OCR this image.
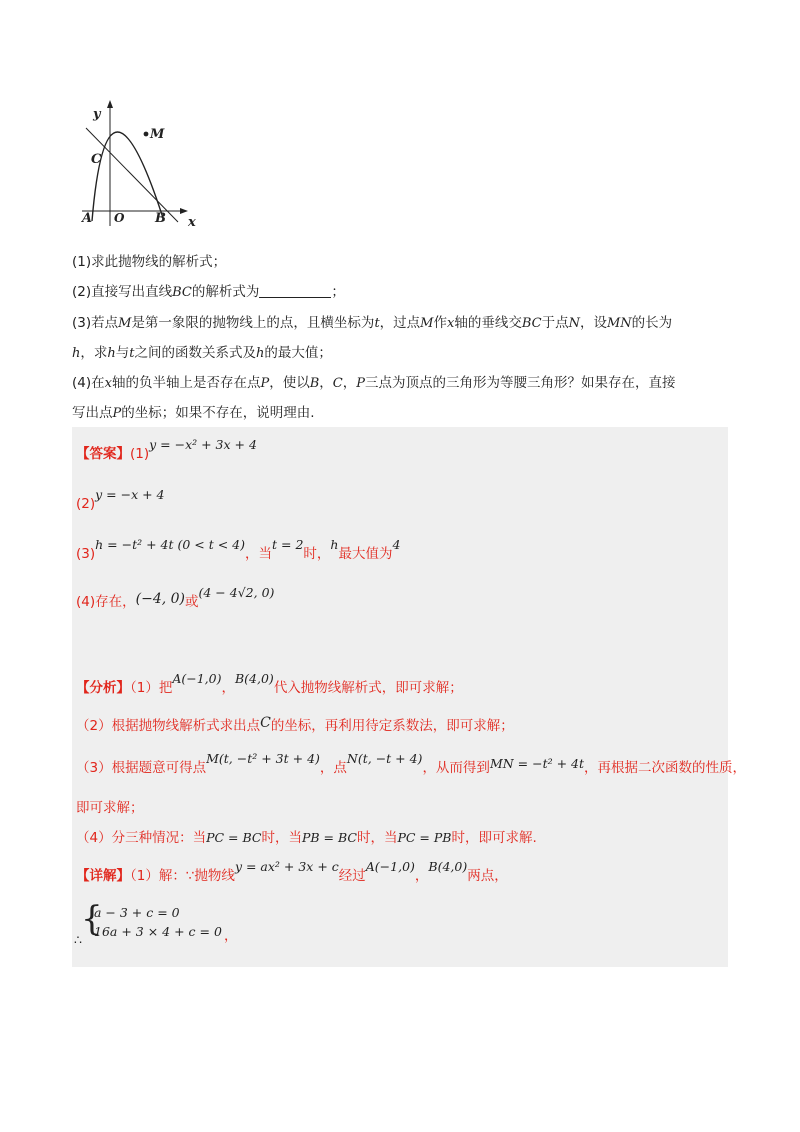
y
M
C
A O B x
(1)求此抛物线的解析式；
(2)直接写出直线BC的解析式为	；
(3)若点M是第一象限的抛物线上的点，且横坐标为t，过点M作x轴的垂线交BC于点N，设MN的长为
h，求h与t之间的函数关系式及h的最大值；
(4)在x轴的负半轴上是否存在点P，使以B，C，P三点为顶点的三角形为等腰三角形？如果存在，直接
写出点P的坐标；如果不存在，说明理由.
【答案】(1)y = −x² + 3x + 4
(2)y = −x + 4
(3)h = −t² + 4t (0 < t < 4)，当t = 2时，h最大值为4
(4)存在，(−4, 0)或(4 − 4√2, 0)
【分析】（1）把A(−1,0)，B(4,0)代入抛物线解析式，即可求解；
（2）根据抛物线解析式求出点C的坐标，再利用待定系数法，即可求解；
（3）根据题意可得点M(t, −t² + 3t + 4)，点N(t, −t + 4)，从而得到MN = −t² + 4t，再根据二次函数的性质，
即可求解；
（4）分三种情况：当PC = BC时，当PB = BC时，当PC = PB时，即可求解.
【详解】（1）解：∵抛物线y = ax² + 3x + c经过A(−1,0)，B(4,0)两点，
{
a − 3 + c = 0
16a + 3 × 4 + c = 0 ，
∴
